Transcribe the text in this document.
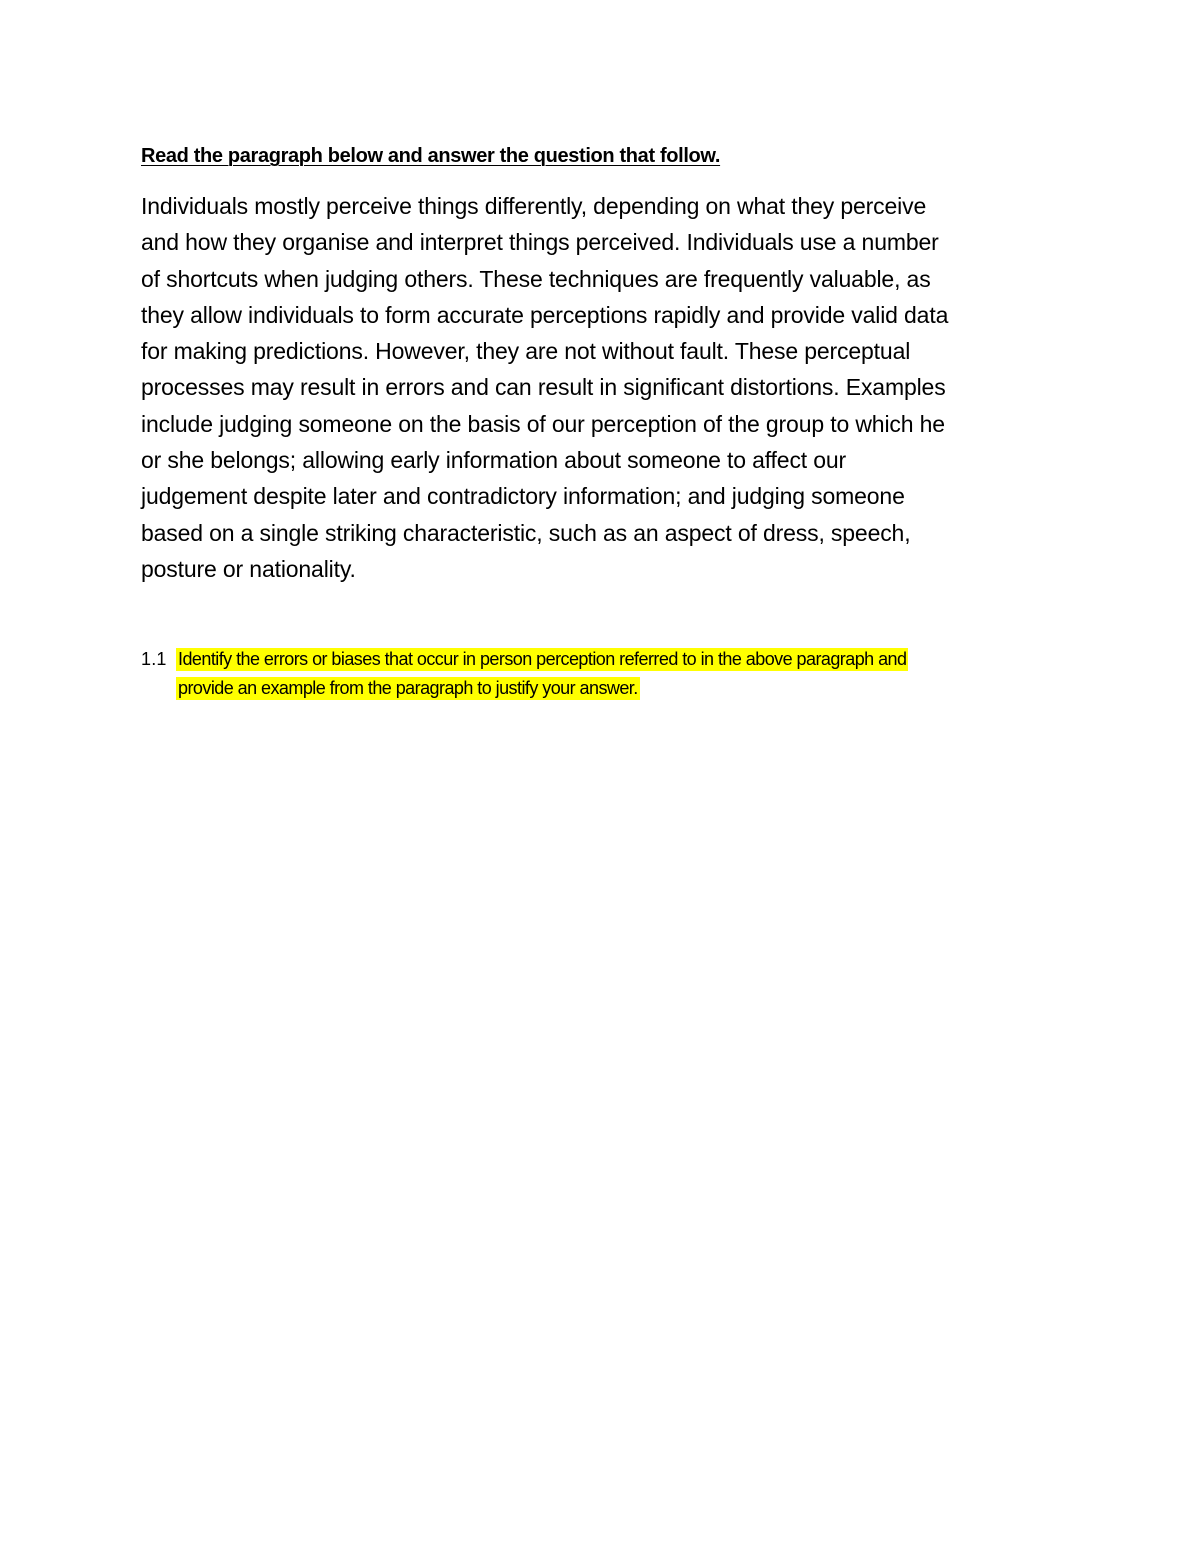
Read the paragraph below and answer the question that follow.

Individuals mostly perceive things differently, depending on what they perceive
and how they organise and interpret things perceived. Individuals use a number
of shortcuts when judging others. These techniques are frequently valuable, as
they allow individuals to form accurate perceptions rapidly and provide valid data
for making predictions. However, they are not without fault. These perceptual
processes may result in errors and can result in significant distortions. Examples
include judging someone on the basis of our perception of the group to which he
or she belongs; allowing early information about someone to affect our
judgement despite later and contradictory information; and judging someone
based on a single striking characteristic, such as an aspect of dress, speech,
posture or nationality.
1.1 Identify the errors or biases that occur in person perception referred to in the above paragraph and
provide an example from the paragraph to justify your answer.
